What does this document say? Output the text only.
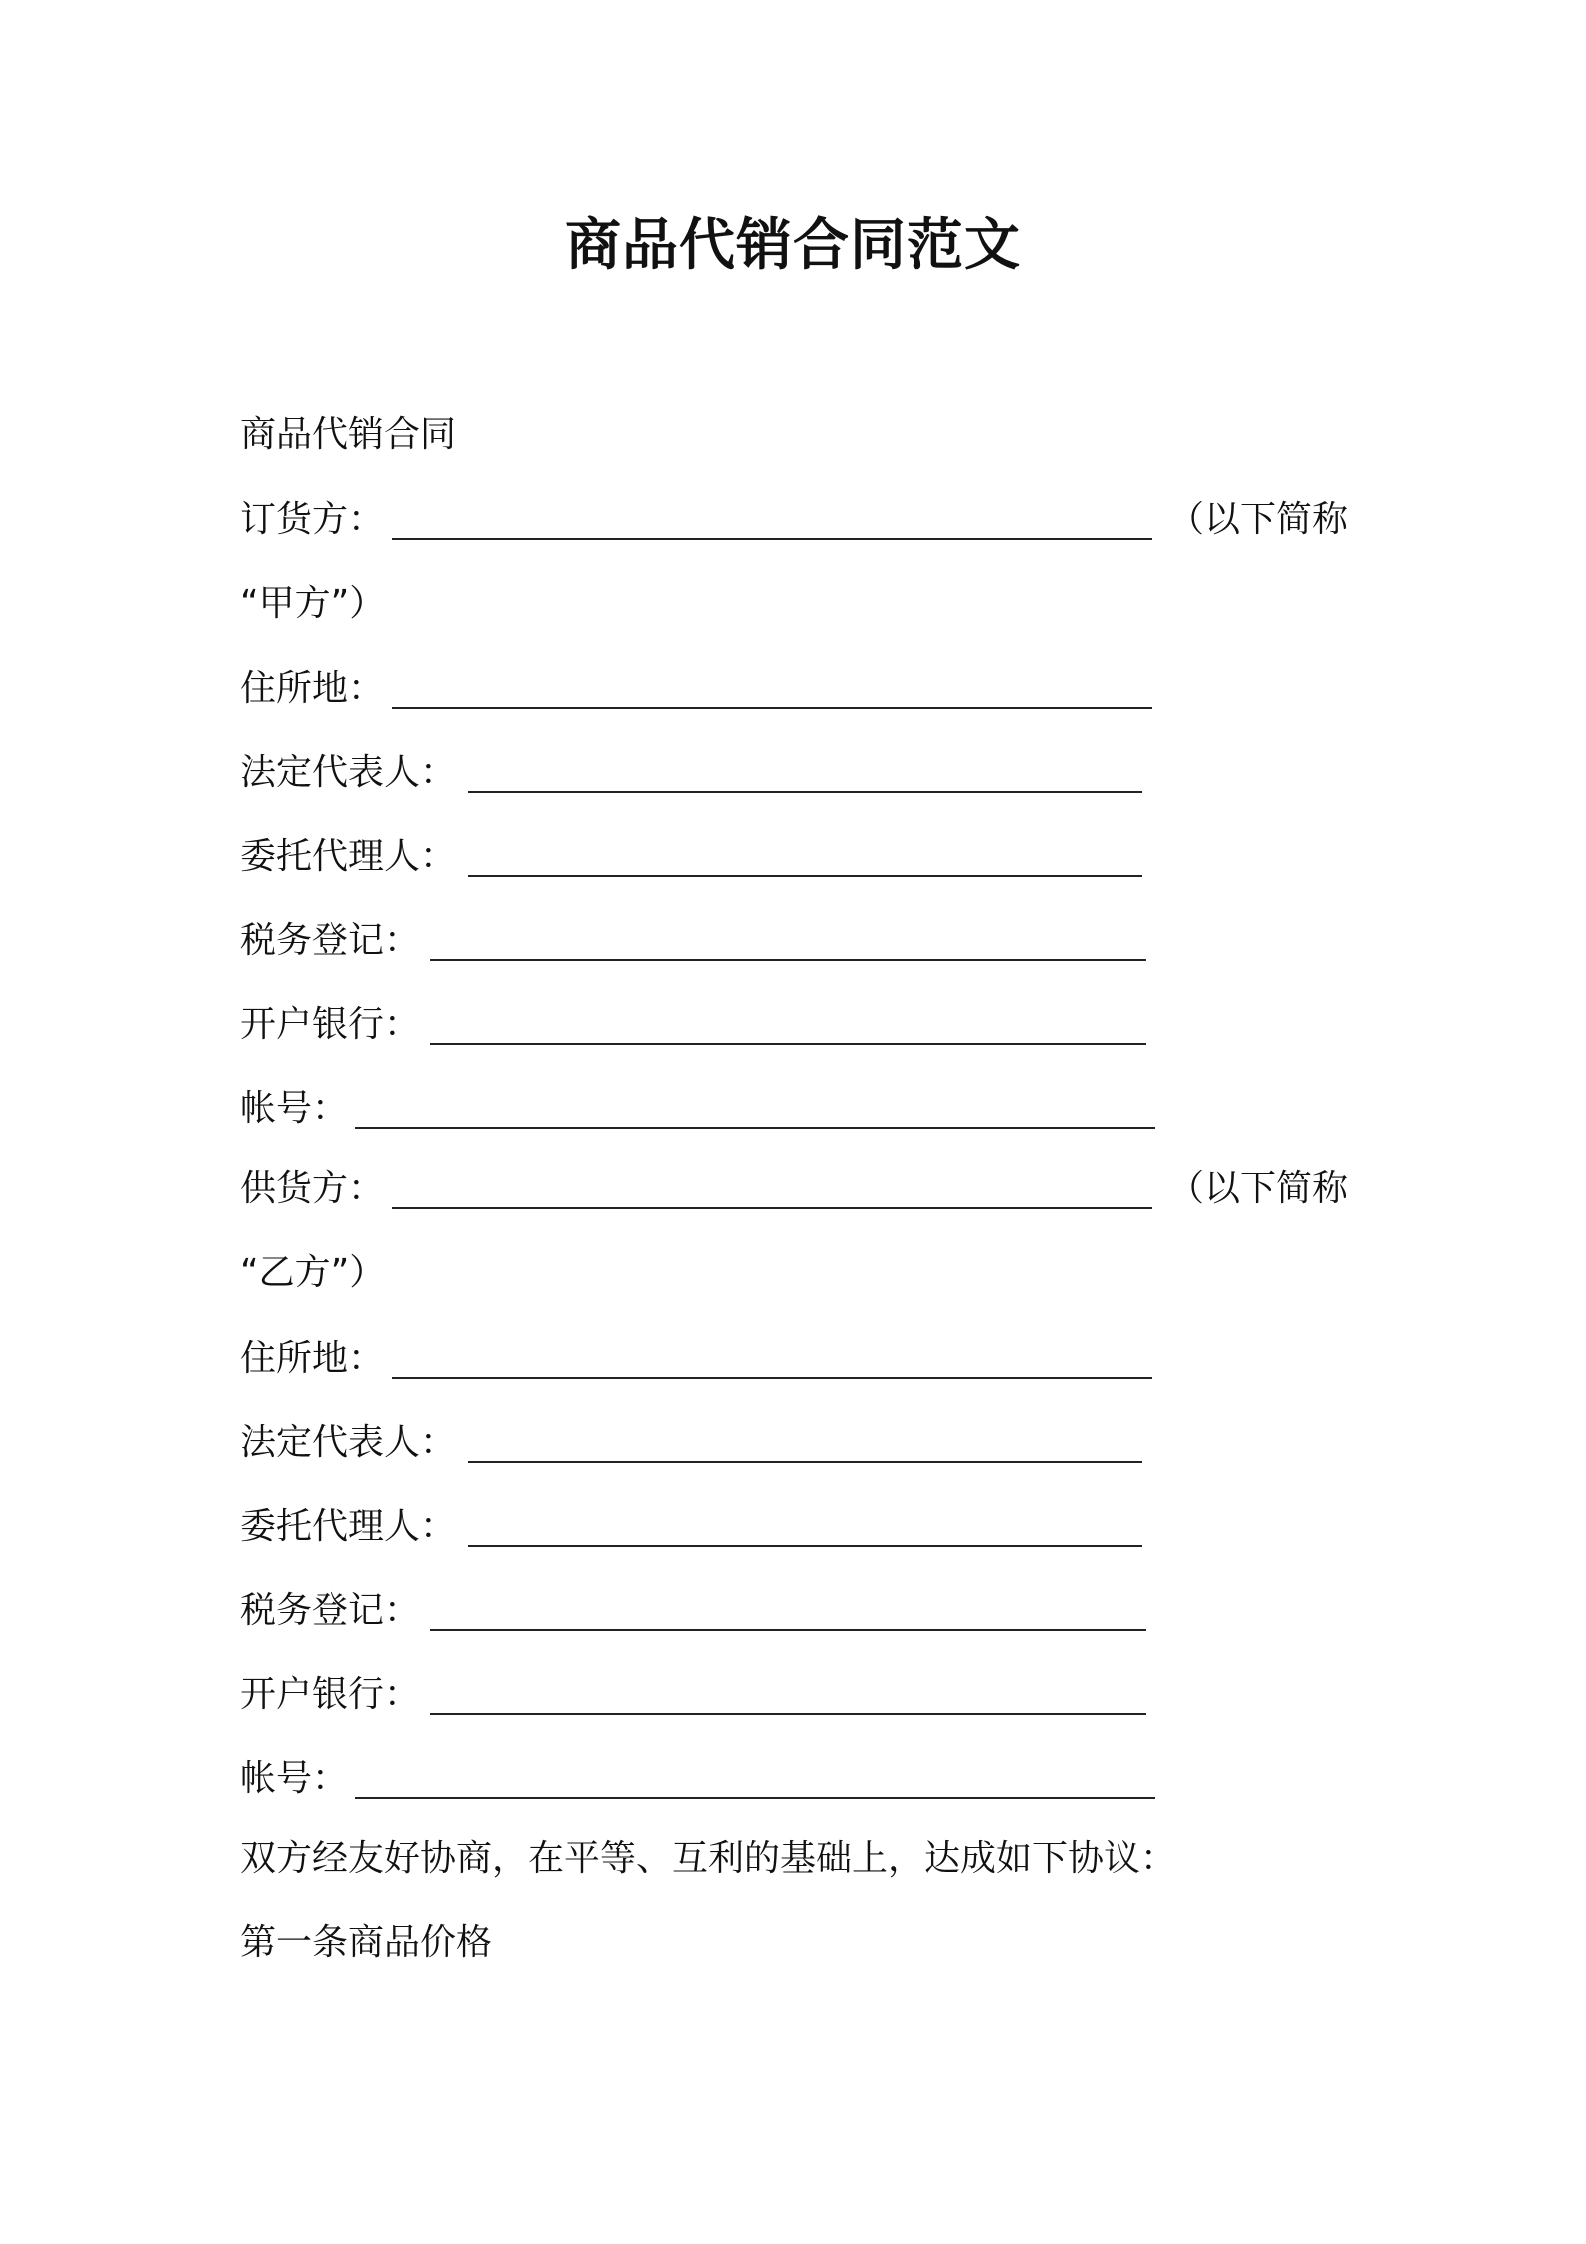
商品代销合同范文
商品代销合同
订货方：	（以下简称
“甲方”）
住所地：
法定代表人：
委托代理人：
税务登记：
开户银行：
帐号：
供货方：	（以下简称
“乙方”）
住所地：
法定代表人：
委托代理人：
税务登记：
开户银行：
帐号：
双方经友好协商，在平等、互利的基础上，达成如下协议：
第一条商品价格
